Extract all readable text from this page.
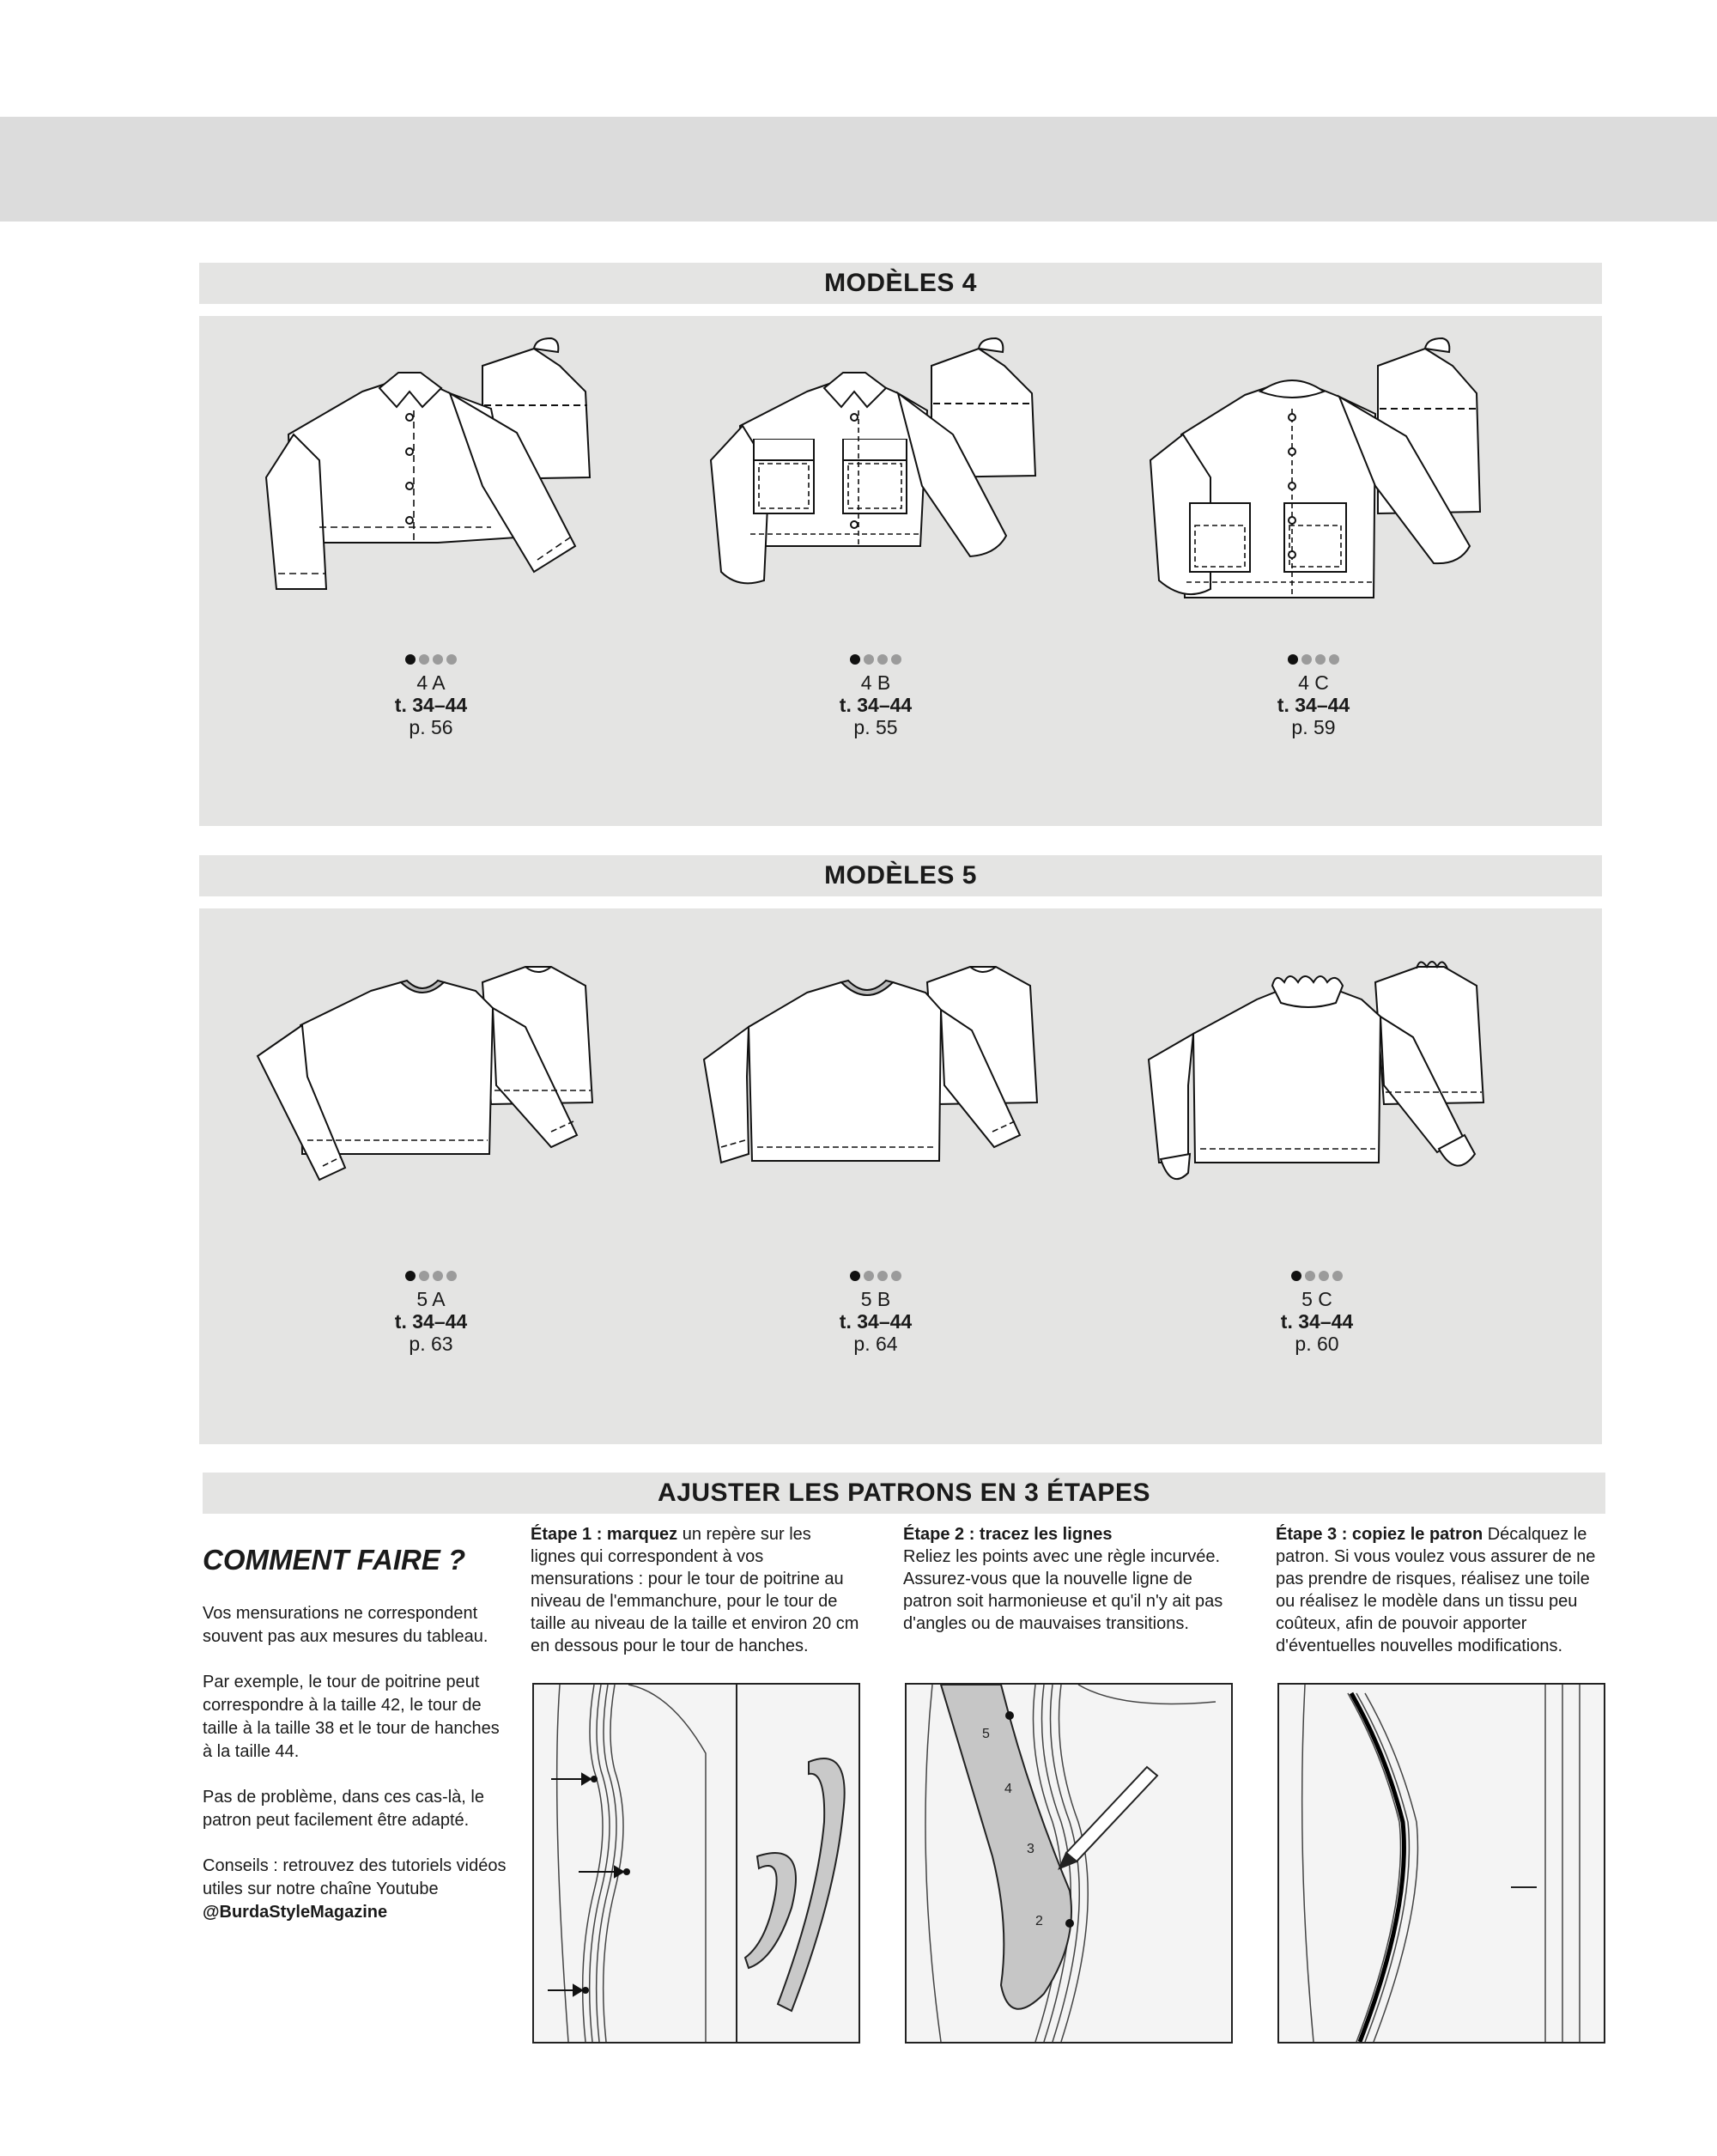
MODÈLES 4
4 A
t. 34–44
p. 56
4 B
t. 34–44
p. 55
4 C
t. 34–44
p. 59
MODÈLES 5
5 A
t. 34–44
p. 63
5 B
t. 34–44
p. 64
5 C
t. 34–44
p. 60
AJUSTER LES PATRONS EN 3 ÉTAPES
COMMENT FAIRE ?
Vos mensurations ne correspondent souvent pas aux mesures du tableau.
Par exemple, le tour de poitrine peut correspondre à la taille 42, le tour de taille à la taille 38 et le tour de hanches à la taille 44.
Pas de problème, dans ces cas-là, le patron peut facilement être adapté.
Conseils : retrouvez des tutoriels vidéos utiles sur notre chaîne Youtube
@BurdaStyleMagazine
Étape 1 : marquez un repère sur les lignes qui correspondent à vos mensurations : pour le tour de poitrine au niveau de l'emmanchure, pour le tour de taille au niveau de la taille et environ 20 cm en dessous pour le tour de hanches.
Étape 2 : tracez les lignes
Reliez les points avec une règle incurvée. Assurez-vous que la nouvelle ligne de patron soit harmonieuse et qu'il n'y ait pas d'angles ou de mauvaises transitions.
Étape 3 : copiez le patron Décalquez le patron. Si vous voulez vous assurer de ne pas prendre de risques, réalisez une toile ou réalisez le modèle dans un tissu peu coûteux, afin de pouvoir apporter d'éventuelles nouvelles modifications.
5
4
3
2
